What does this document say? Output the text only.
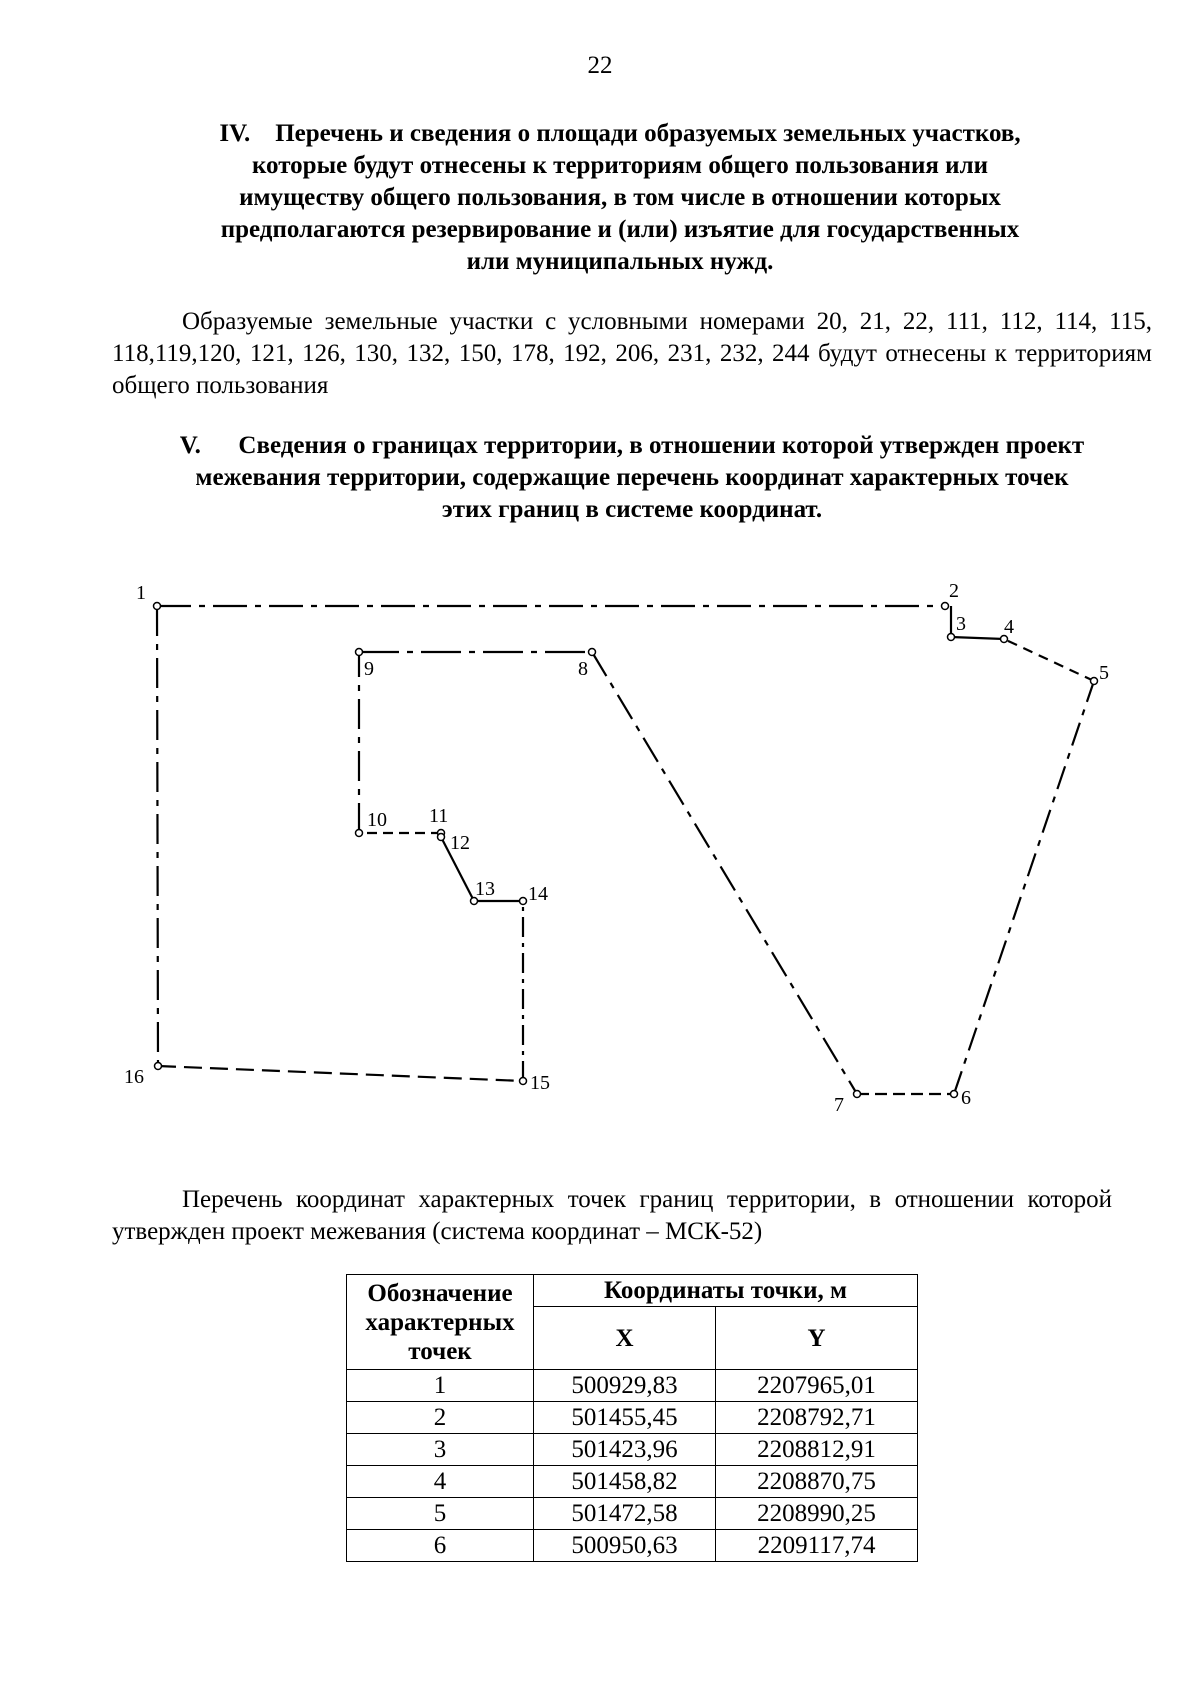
22
IV. Перечень и сведения о площади образуемых земельных участков,
которые будут отнесены к территориям общего пользования или
имуществу общего пользования, в том числе в отношении которых
предполагаются резервирование и (или) изъятие для государственных
или муниципальных нужд.
Образуемые земельные участки с условными номерами 20, 21, 22, 111, 112, 114, 115, 118,119,120, 121, 126, 130, 132, 150, 178, 192, 206, 231, 232, 244 будут отнесены к территориям общего пользования
V. Сведения о границах территории, в отношении которой утвержден проект
межевания территории, содержащие перечень координат характерных точек
этих границ в системе координат.
1	2
3 4
5
6
7
8
9
10 11
12
13 14
15
16
Перечень координат характерных точек границ территории, в отношении которой утвержден проект межевания (система координат – МСК-52)
Обозначение характерных точек	Координаты точки, м	
	X	Y
1	500929,83	2207965,01
2	501455,45	2208792,71
3	501423,96	2208812,91
4	501458,82	2208870,75
5	501472,58	2208990,25
6	500950,63	2209117,74
